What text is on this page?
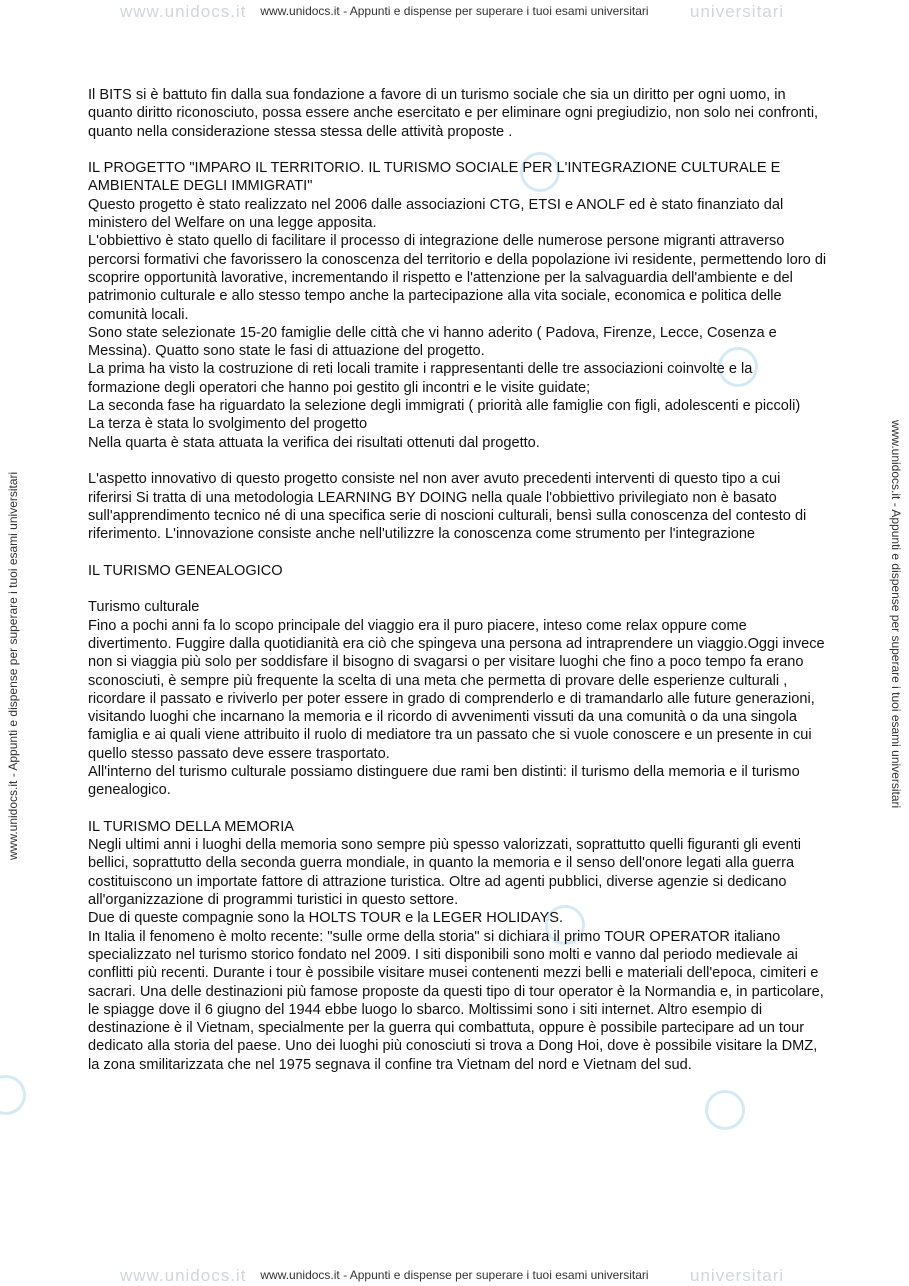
www.unidocs.it	universitari
www.unidocs.it - Appunti e dispense per superare i tuoi esami universitari
www.unidocs.it	universitari
www.unidocs.it - Appunti e dispense per superare i tuoi esami universitari
www.unidocs.it - Appunti e dispense per superare i tuoi esami universitari	www.unidocs.it - Appunti e dispense per superare i tuoi esami universitari

Il BITS si è battuto fin dalla sua fondazione a favore di un turismo sociale che sia un diritto per ogni uomo, in quanto diritto riconosciuto, possa essere anche esercitato e per eliminare ogni pregiudizio, non solo nei confronti, quanto nella considerazione stessa stessa delle attività proposte .

IL PROGETTO "IMPARO IL TERRITORIO. IL TURISMO SOCIALE PER L'INTEGRAZIONE CULTURALE E AMBIENTALE DEGLI IMMIGRATI"

Questo progetto è stato realizzato nel 2006 dalle associazioni CTG, ETSI e ANOLF ed è stato finanziato dal ministero del Welfare on una legge apposita.

L'obbiettivo è stato quello di facilitare il processo di integrazione delle numerose persone migranti attraverso percorsi formativi che favorissero la conoscenza del territorio e della popolazione ivi residente, permettendo loro di scoprire opportunità lavorative, incrementando il rispetto e l'attenzione per la salvaguardia dell'ambiente e del patrimonio culturale e allo stesso tempo anche la partecipazione alla vita sociale, economica e politica delle comunità locali.

Sono state selezionate 15-20 famiglie delle città che vi hanno aderito ( Padova, Firenze, Lecce, Cosenza e Messina). Quatto sono state le fasi di attuazione del progetto.

La prima ha visto la costruzione di reti locali tramite i rappresentanti delle tre associazioni coinvolte e la formazione degli operatori che hanno poi gestito gli incontri e le visite guidate;

La seconda fase ha riguardato la selezione degli immigrati ( priorità alle famiglie con figli, adolescenti e piccoli)

La terza è stata lo svolgimento del progetto

Nella quarta è stata attuata la verifica dei risultati ottenuti dal progetto.

L'aspetto innovativo di questo progetto consiste nel non aver avuto precedenti interventi di questo tipo a cui riferirsi Si tratta di una metodologia LEARNING BY DOING nella quale l'obbiettivo privilegiato non è basato sull'apprendimento tecnico né di una specifica serie di noscioni culturali, bensì sulla conoscenza del contesto di riferimento. L'innovazione consiste anche nell'utilizzre la conoscenza come strumento per l'integrazione

IL TURISMO GENEALOGICO

Turismo culturale

Fino a pochi anni fa lo scopo principale del viaggio era il puro piacere, inteso come relax oppure come divertimento. Fuggire dalla quotidianità era ciò che spingeva una persona ad intraprendere un viaggio.Oggi invece non si viaggia più solo per soddisfare il bisogno di svagarsi o per visitare luoghi che fino a poco tempo fa erano sconosciuti, è sempre più frequente la scelta di una meta che permetta di provare delle esperienze culturali , ricordare il passato e riviverlo per poter essere in grado di comprenderlo e di tramandarlo alle future generazioni, visitando luoghi che incarnano la memoria e il ricordo di avvenimenti vissuti da una comunità o da una singola famiglia e ai quali viene attribuito il ruolo di mediatore tra un passato che si vuole conoscere e un presente in cui quello stesso passato deve essere trasportato.

All'interno del turismo culturale possiamo distinguere due rami ben distinti: il turismo della memoria e il turismo genealogico.

IL TURISMO DELLA MEMORIA

Negli ultimi anni i luoghi della memoria sono sempre più spesso valorizzati, soprattutto quelli figuranti gli eventi bellici, soprattutto della seconda guerra mondiale, in quanto la memoria e il senso dell'onore legati alla guerra costituiscono un importate fattore di attrazione turistica. Oltre ad agenti pubblici, diverse agenzie si dedicano all'organizzazione di programmi turistici in questo settore.

Due di queste compagnie sono la HOLTS TOUR e la LEGER HOLIDAYS.

In Italia il fenomeno è molto recente: "sulle orme della storia" si dichiara il primo TOUR OPERATOR italiano specializzato nel turismo storico fondato nel 2009. I siti disponibili sono molti e vanno dal periodo medievale ai conflitti più recenti. Durante i tour è possibile visitare musei contenenti mezzi belli e materiali dell'epoca, cimiteri e sacrari. Una delle destinazioni più famose proposte da questi tipo di tour operator è la Normandia e, in particolare, le spiagge dove il 6 giugno del 1944 ebbe luogo lo sbarco. Moltissimi sono i siti internet. Altro esempio di destinazione è il Vietnam, specialmente per la guerra qui combattuta, oppure è possibile partecipare ad un tour dedicato alla storia del paese. Uno dei luoghi più conosciuti si trova a Dong Hoi, dove è possibile visitare la DMZ, la zona smilitarizzata che nel 1975 segnava il confine tra Vietnam del nord e Vietnam del sud.
